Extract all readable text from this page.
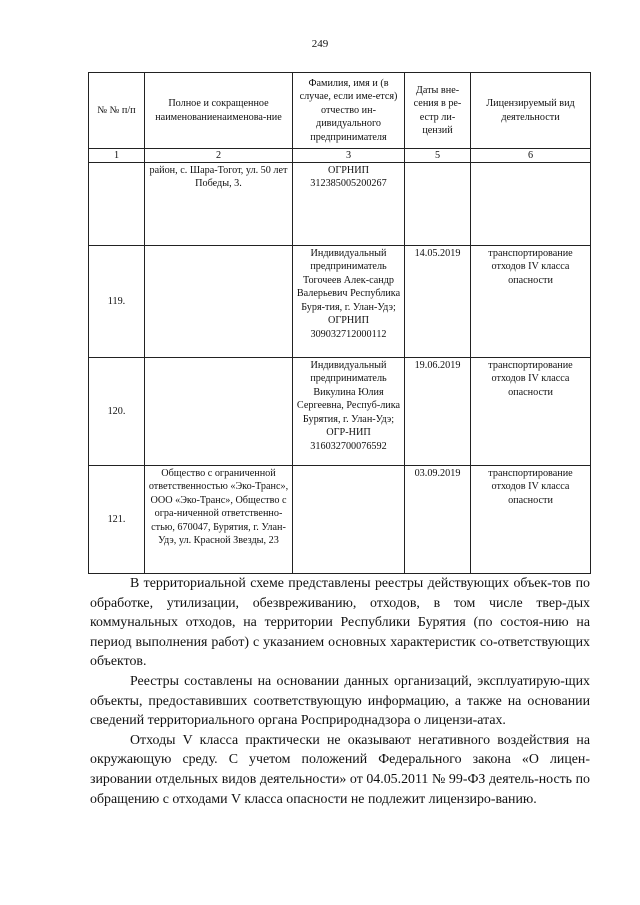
249
№ № п/п	Полное и сокращенное наименованиенаименова-ние	Фамилия, имя и (в случае, если име-ется) отчество ин-дивидуального предпринимателя	Даты вне-сения в ре-естр ли-цензий	Лицензируемый вид деятельности
1	2	3	5	6
	район, с. Шара-Тогот, ул. 50 лет Победы, 3.	ОГРНИП 312385005200267		
119.		Индивидуальный предприниматель Тогочеев Алек-сандр Валерьевич Республика Буря-тия, г. Улан-Удэ; ОГРНИП 309032712000112	14.05.2019	транспортирование отходов IV класса опасности
120.		Индивидуальный предприниматель Викулина Юлия Сергеевна, Респуб-лика Бурятия, г. Улан-Удэ; ОГР-НИП 316032700076592	19.06.2019	транспортирование отходов IV класса опасности
121.	Общество с ограниченной ответственностью «Эко-Транс», ООО «Эко-Транс», Общество с огра-ниченной ответственно-стью, 670047, Бурятия, г. Улан-Удэ, ул. Красной Звезды, 23		03.09.2019	транспортирование отходов IV класса опасности

В территориальной схеме представлены реестры действующих объек-тов по обработке, утилизации, обезвреживанию, отходов, в том числе твер-дых коммунальных отходов, на территории Республики Бурятия (по состоя-нию на период выполнения работ) с указанием основных характеристик со-ответствующих объектов.

Реестры составлены на основании данных организаций, эксплуатирую-щих объекты, предоставивших соответствующую информацию, а также на основании сведений территориального органа Росприроднадзора о лицензи-атах.

Отходы V класса практически не оказывают негативного воздействия на окружающую среду. С учетом положений Федерального закона «О лицен-зировании отдельных видов деятельности» от 04.05.2011 № 99-ФЗ деятель-ность по обращению с отходами V класса опасности не подлежит лицензиро-ванию.
